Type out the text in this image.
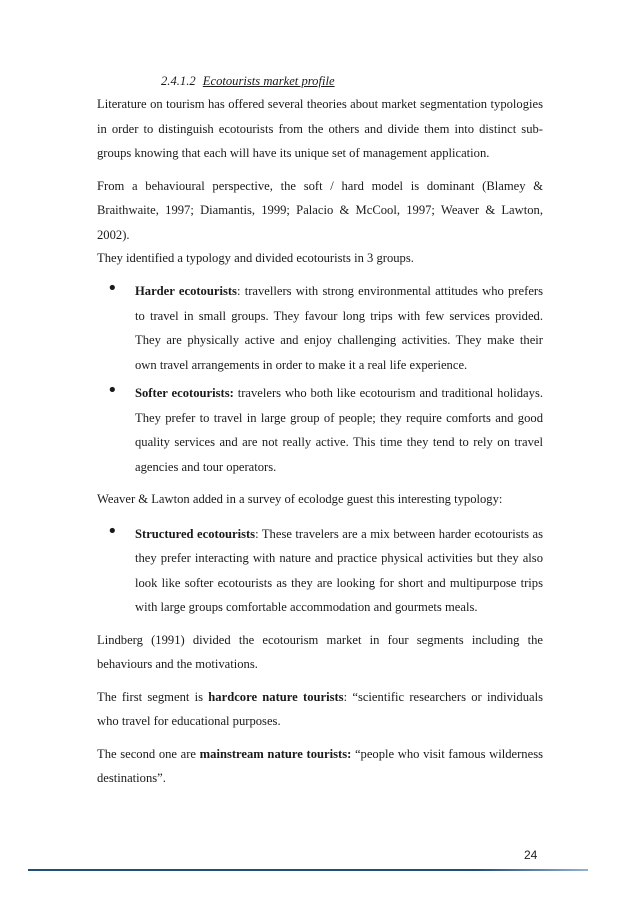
2.4.1.2 Ecotourists market profile

Literature on tourism has offered several theories about market segmentation typologies in order to distinguish ecotourists from the others and divide them into distinct sub-groups knowing that each will have its unique set of management application.

From a behavioural perspective, the soft / hard model is dominant (Blamey & Braithwaite, 1997; Diamantis, 1999; Palacio & McCool, 1997; Weaver & Lawton, 2002).

They identified a typology and divided ecotourists in 3 groups.

• Harder ecotourists: travellers with strong environmental attitudes who prefers to travel in small groups. They favour long trips with few services provided. They are physically active and enjoy challenging activities. They make their own travel arrangements in order to make it a real life experience.

• Softer ecotourists: travelers who both like ecotourism and traditional holidays. They prefer to travel in large group of people; they require comforts and good quality services and are not really active. This time they tend to rely on travel agencies and tour operators.

Weaver & Lawton added in a survey of ecolodge guest this interesting typology:

• Structured ecotourists: These travelers are a mix between harder ecotourists as they prefer interacting with nature and practice physical activities but they also look like softer ecotourists as they are looking for short and multipurpose trips with large groups comfortable accommodation and gourmets meals.

Lindberg (1991) divided the ecotourism market in four segments including the behaviours and the motivations.

The first segment is hardcore nature tourists: “scientific researchers or individuals who travel for educational purposes.

The second one are mainstream nature tourists: “people who visit famous wilderness destinations”.

24
